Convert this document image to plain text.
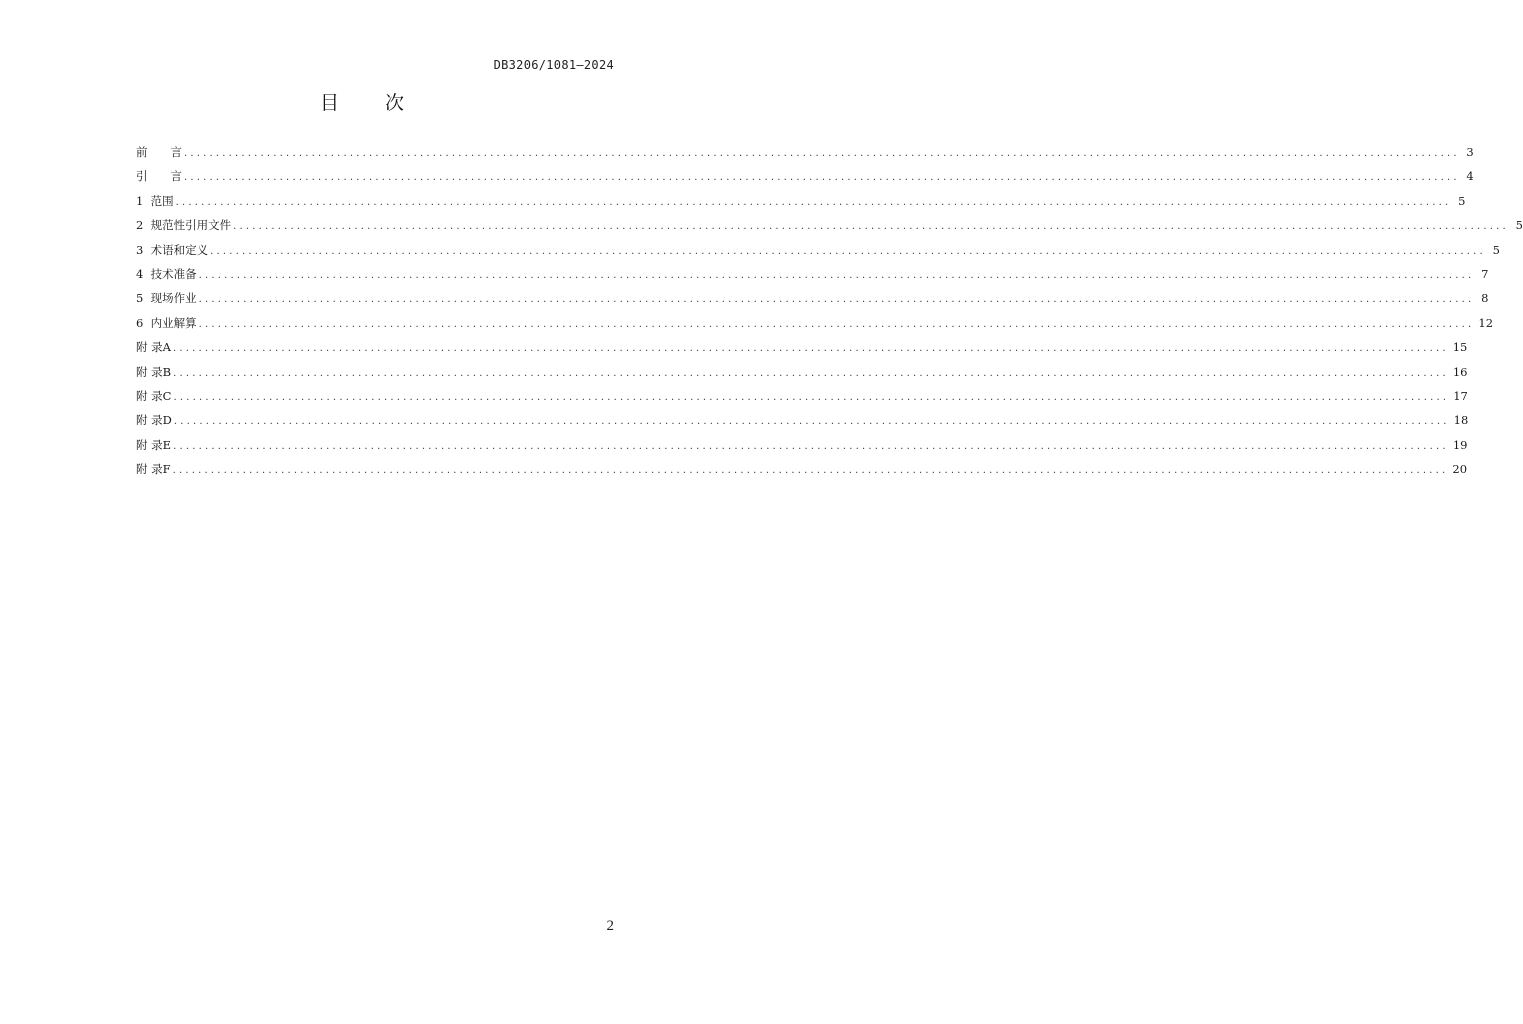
DB3206/1081—2024
目 次
前　　言 ........................................................................................................................................................................................................ 3
引　　言 ........................................................................................................................................................................................................ 4
1  范围 ........................................................................................................................................................................................................ 5
2  规范性引用文件 ........................................................................................................................................................................................................ 5
3  术语和定义 ........................................................................................................................................................................................................ 5
4  技术准备 ........................................................................................................................................................................................................ 7
5  现场作业 ........................................................................................................................................................................................................ 8
6  内业解算 ........................................................................................................................................................................................................ 12
附 录A ........................................................................................................................................................................................................ 15
附 录B ........................................................................................................................................................................................................ 16
附 录C ........................................................................................................................................................................................................ 17
附 录D ........................................................................................................................................................................................................ 18
附 录E ........................................................................................................................................................................................................ 19
附 录F ........................................................................................................................................................................................................ 20
2
